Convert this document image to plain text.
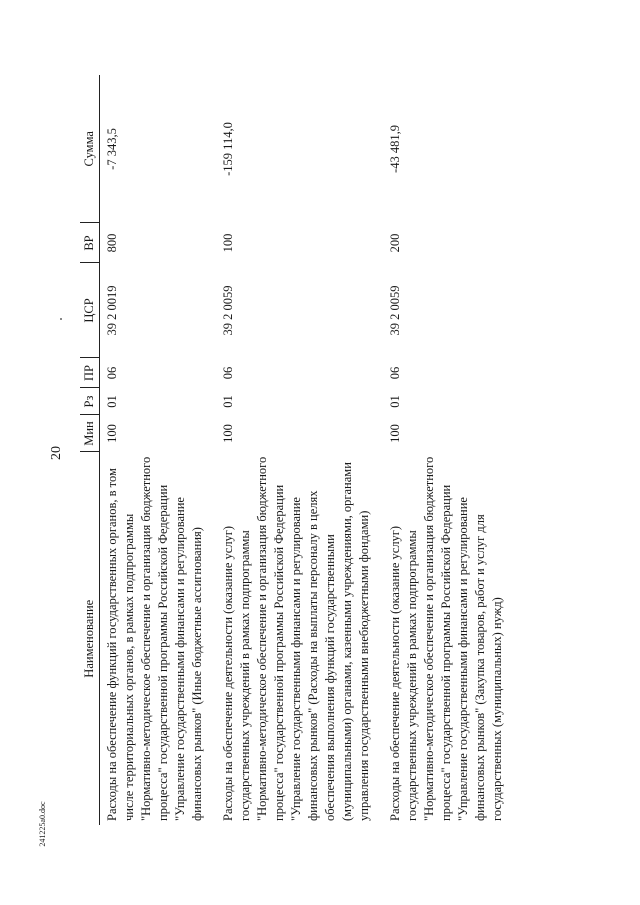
20
241225a0.doc
Наименование	Мин	Рз	ПР	ЦСР	ВР	Сумма
Расходы на обеспечение функций государственных органов, в том числе территориальных органов, в рамках подпрограммы "Нормативно-методическое обеспечение и организация бюджетного процесса" государственной программы Российской Федерации "Управление государственными финансами и регулирование финансовых рынков" (Иные бюджетные ассигнования)	100	01	06	39 2 0019	800	-7 343,5
Расходы на обеспечение деятельности (оказание услуг) государственных учреждений в рамках подпрограммы "Нормативно-методическое обеспечение и организация бюджетного процесса" государственной программы Российской Федерации "Управление государственными финансами и регулирование финансовых рынков" (Расходы на выплаты персоналу в целях обеспечения выполнения функций государственными (муниципальными) органами, казенными учреждениями, органами управления государственными внебюджетными фондами)	100	01	06	39 2 0059	100	-159 114,0
Расходы на обеспечение деятельности (оказание услуг) государственных учреждений в рамках подпрограммы "Нормативно-методическое обеспечение и организация бюджетного процесса" государственной программы Российской Федерации "Управление государственными финансами и регулирование финансовых рынков" (Закупка товаров, работ и услуг для государственных (муниципальных) нужд)	100	01	06	39 2 0059	200	-43 481,9
